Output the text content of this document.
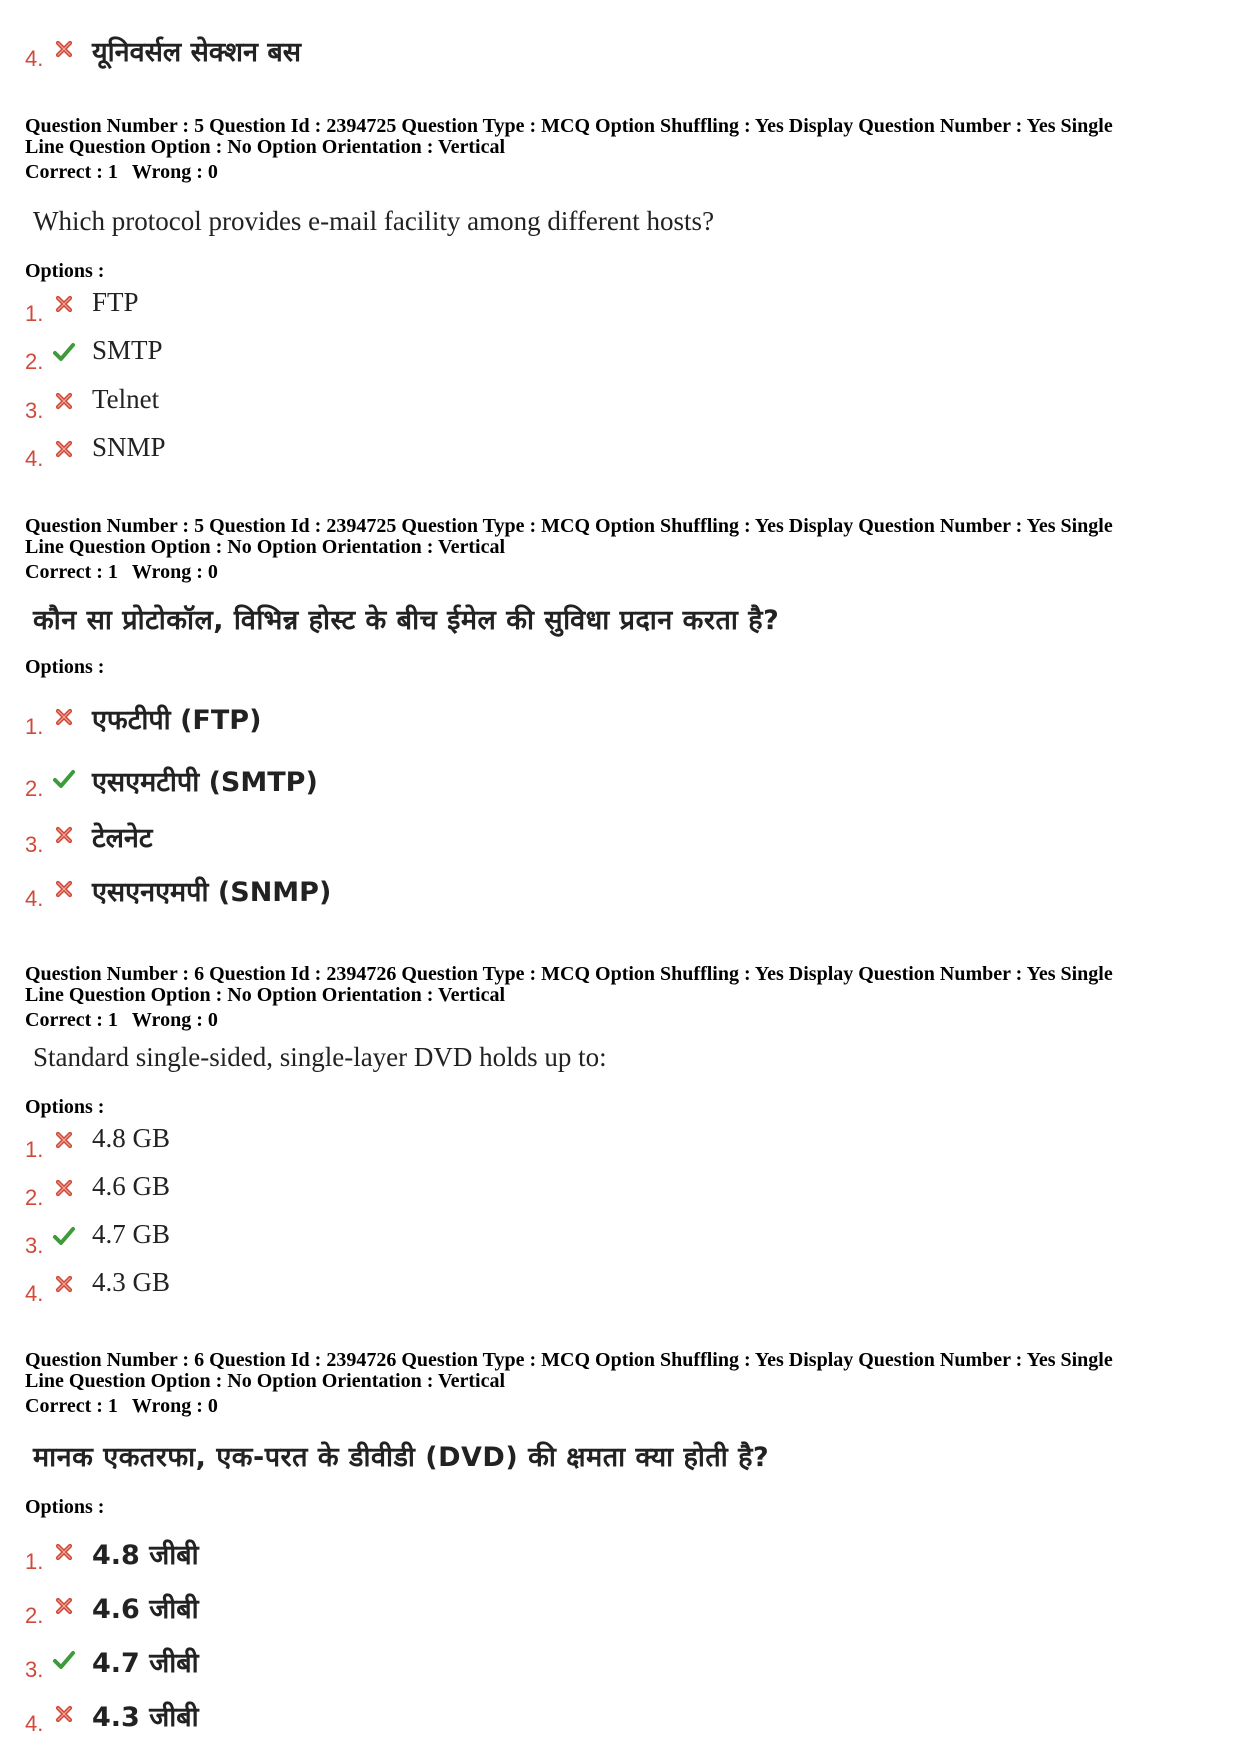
4. यूनिवर्सल सेक्शन बस
Question Number : 5 Question Id : 2394725 Question Type : MCQ Option Shuffling : Yes Display Question Number : Yes Single
Line Question Option : No Option Orientation : Vertical
Correct : 1 Wrong : 0
Which protocol provides e-mail facility among different hosts?
Options :
1. FTP
2. SMTP
3. Telnet
4. SNMP
Question Number : 5 Question Id : 2394725 Question Type : MCQ Option Shuffling : Yes Display Question Number : Yes Single
Line Question Option : No Option Orientation : Vertical
Correct : 1 Wrong : 0
कौन सा प्रोटोकॉल, विभिन्न होस्ट के बीच ईमेल की सुविधा प्रदान करता है?
Options :
1. एफटीपी (FTP)
2. एसएमटीपी (SMTP)
3. टेलनेट
4. एसएनएमपी (SNMP)
Question Number : 6 Question Id : 2394726 Question Type : MCQ Option Shuffling : Yes Display Question Number : Yes Single
Line Question Option : No Option Orientation : Vertical
Correct : 1 Wrong : 0
Standard single-sided, single-layer DVD holds up to:
Options :
1. 4.8 GB
2. 4.6 GB
3. 4.7 GB
4. 4.3 GB
Question Number : 6 Question Id : 2394726 Question Type : MCQ Option Shuffling : Yes Display Question Number : Yes Single
Line Question Option : No Option Orientation : Vertical
Correct : 1 Wrong : 0
मानक एकतरफा, एक-परत के डीवीडी (DVD) की क्षमता क्या होती है?
Options :
1. 4.8 जीबी
2. 4.6 जीबी
3. 4.7 जीबी
4. 4.3 जीबी
